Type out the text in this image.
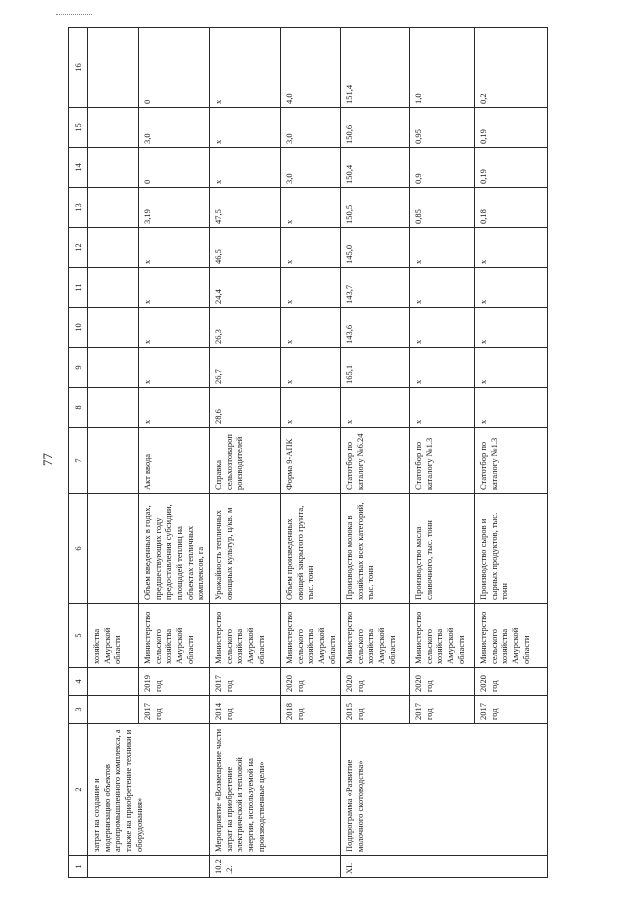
77
1	2	3	4	5	6	7	8	9	10	11	12	13	14	15	16
	затрат на создание и модернизацию объектов агропромышленного комплекса, а также на приобретение техники и оборудования»			хозяйства Амурской области											
		2017 год	2019 год	Министерство сельского хозяйства Амурской области	Объем введенных в годах, предшествующих году предоставления субсидии, площадей теплиц на объектах тепличных комплексов, га	Акт ввода	x	x	x	x	x	3,19	0	3,0	0
10.2.2.	Мероприятие «Возмещение части затрат на приобретение электрической и тепловой энергии, используемой на производственные цели»	2014 год	2017 год	Министерство сельского хозяйства Амурской области	Урожайность тепличных овощных культур, ц/кв. м	Справка сельхозтоваропроизводителей	28,6	26,7	26,3	24,4	46,5	47,5	x	x	x
		2018 год	2020 год	Министерство сельского хозяйства Амурской области	Объем произведенных овощей закрытого грунта, тыс. тонн	Форма 9-АПК	x	x	x	x	x	x	3,0	3,0	4,0
XI.	Подпрограмма «Развитие молочного скотоводства»	2015 год	2020 год	Министерство сельского хозяйства Амурской области	Производство молока в хозяйствах всех категорий, тыс. тонн	Статотбор по каталогу №6.24	x	165,1	143,6	143,7	145,0	150,5	150,4	150,6	151,4
		2017 год	2020 год	Министерство сельского хозяйства Амурской области	Производство масла сливочного, тыс. тонн	Статотбор по каталогу №1.3	x	x	x	x	x	0,85	0,9	0,95	1,0
		2017 год	2020 год	Министерство сельского хозяйства Амурской области	Производство сыров и сырных продуктов, тыс. тонн	Статотбор по каталогу №1.3	x	x	x	x	x	0,18	0,19	0,19	0,2
